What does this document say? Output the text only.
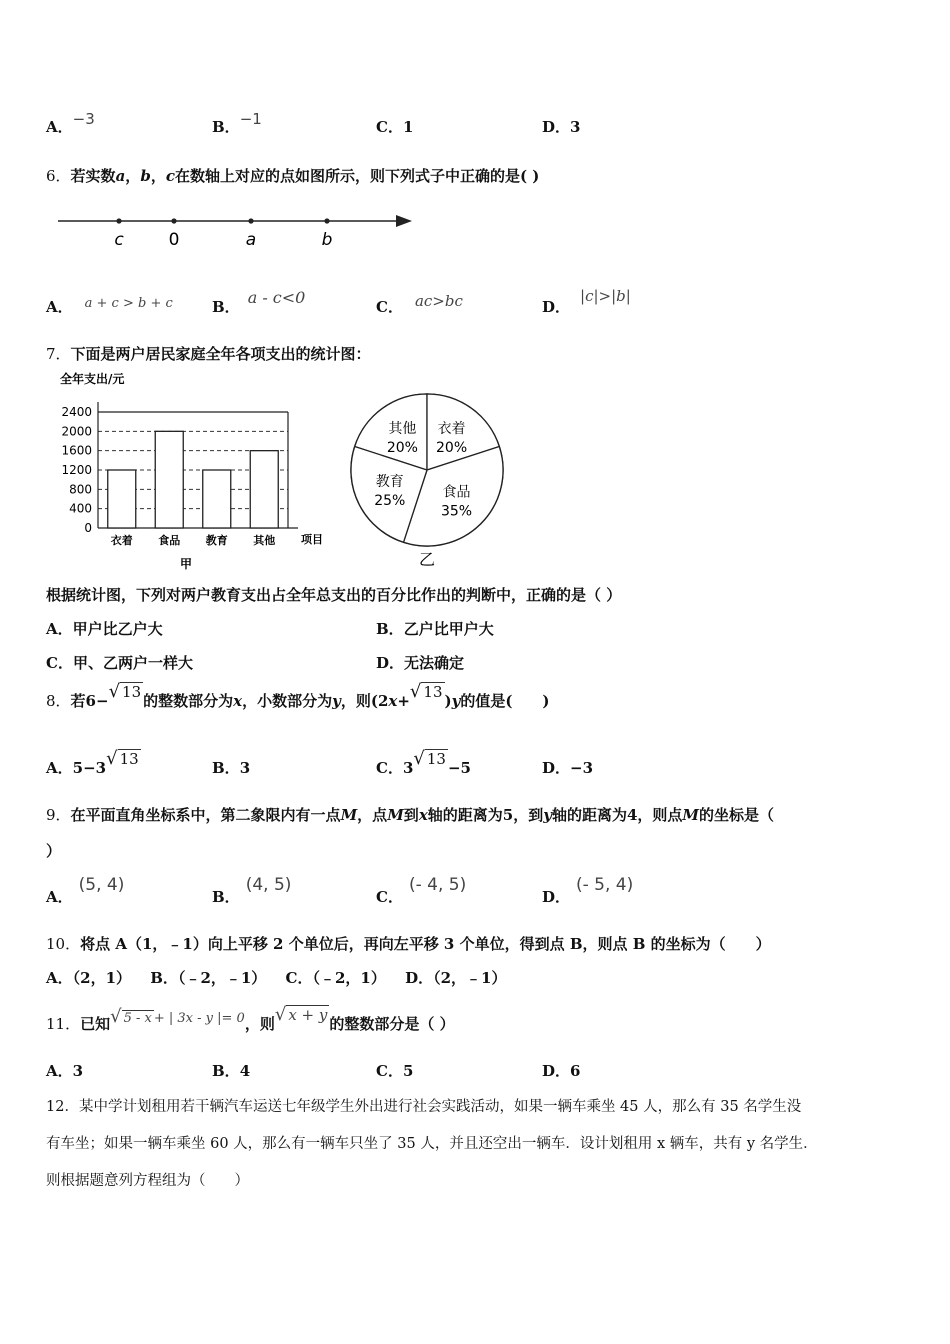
A．−3	B．−1	C．1	D．3
6．若实数a，b，c在数轴上对应的点如图所示，则下列式子中正确的是( )
c	0	a	b
A． a + c > b + c	B． a - c<0	C． ac>bc	D．|c|>|b|
7．下面是两户居民家庭全年各项支出的统计图：
全年支出/元
项目
甲
0
400
800
1200
1600
2000
2400
衣着 食品 教育 其他
其他
20%
衣着
20%
食品
35%
教育
25%
乙
根据统计图，下列对两户教育支出占全年总支出的百分比作出的判断中，正确的是（ ）
A．甲户比乙户大	B．乙户比甲户大
C．甲、乙两户一样大	D．无法确定
8．若6−√ 13 的整数部分为x，小数部分为y，则(2x+√ 13 )y的值是(　　)
A．5−3√ 13	B．3	C．3√ 13 −5	D．−3
9．在平面直角坐标系中，第二象限内有一点M，点M到x轴的距离为5，到y轴的距离为4，则点M的坐标是（
）
A．(5, 4)
B．(4, 5)
C．(- 4, 5)
D．(- 5, 4)
10．将点 A（1，﹣1）向上平移 2 个单位后，再向左平移 3 个单位，得到点 B，则点 B 的坐标为（　　）
A．（2，1） B．（﹣2，﹣1） C．（﹣2，1） D．（2，﹣1）
11．已知√ 5 - x + | 3x - y |= 0，则√ x + y 的整数部分是（ ）
A．3	B．4	C．5	D．6
12．某中学计划租用若干辆汽车运送七年级学生外出进行社会实践活动，如果一辆车乘坐 45 人，那么有 35 名学生没
有车坐；如果一辆车乘坐 60 人，那么有一辆车只坐了 35 人，并且还空出一辆车．设计划租用 x 辆车，共有 y 名学生．
则根据题意列方程组为（　　）
